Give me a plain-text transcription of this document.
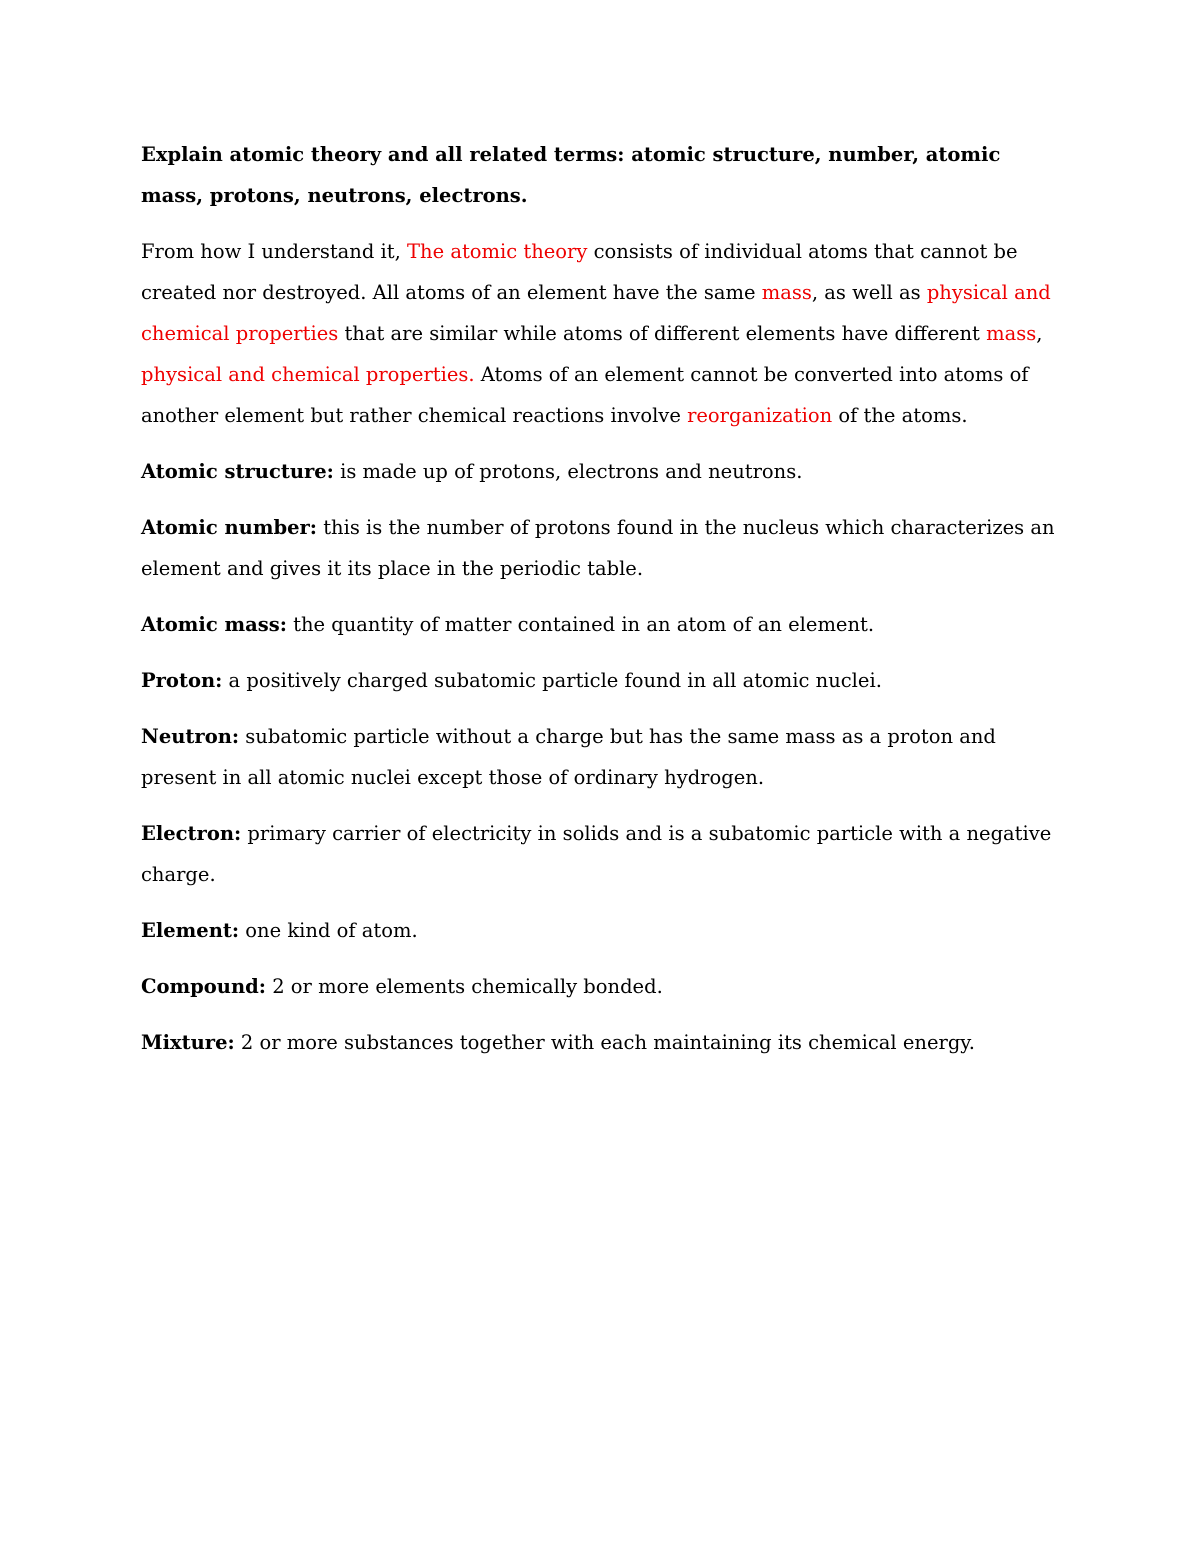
Explain atomic theory and all related terms: atomic structure, number, atomic mass, protons, neutrons, electrons.

From how I understand it, The atomic theory consists of individual atoms that cannot be created nor destroyed. All atoms of an element have the same mass, as well as physical and chemical properties that are similar while atoms of different elements have different mass, physical and chemical properties. Atoms of an element cannot be converted into atoms of another element but rather chemical reactions involve reorganization of the atoms.

Atomic structure: is made up of protons, electrons and neutrons.

Atomic number: this is the number of protons found in the nucleus which characterizes an element and gives it its place in the periodic table.

Atomic mass: the quantity of matter contained in an atom of an element.

Proton: a positively charged subatomic particle found in all atomic nuclei.

Neutron: subatomic particle without a charge but has the same mass as a proton and present in all atomic nuclei except those of ordinary hydrogen.

Electron: primary carrier of electricity in solids and is a subatomic particle with a negative charge.

Element: one kind of atom.

Compound: 2 or more elements chemically bonded.

Mixture: 2 or more substances together with each maintaining its chemical energy.
